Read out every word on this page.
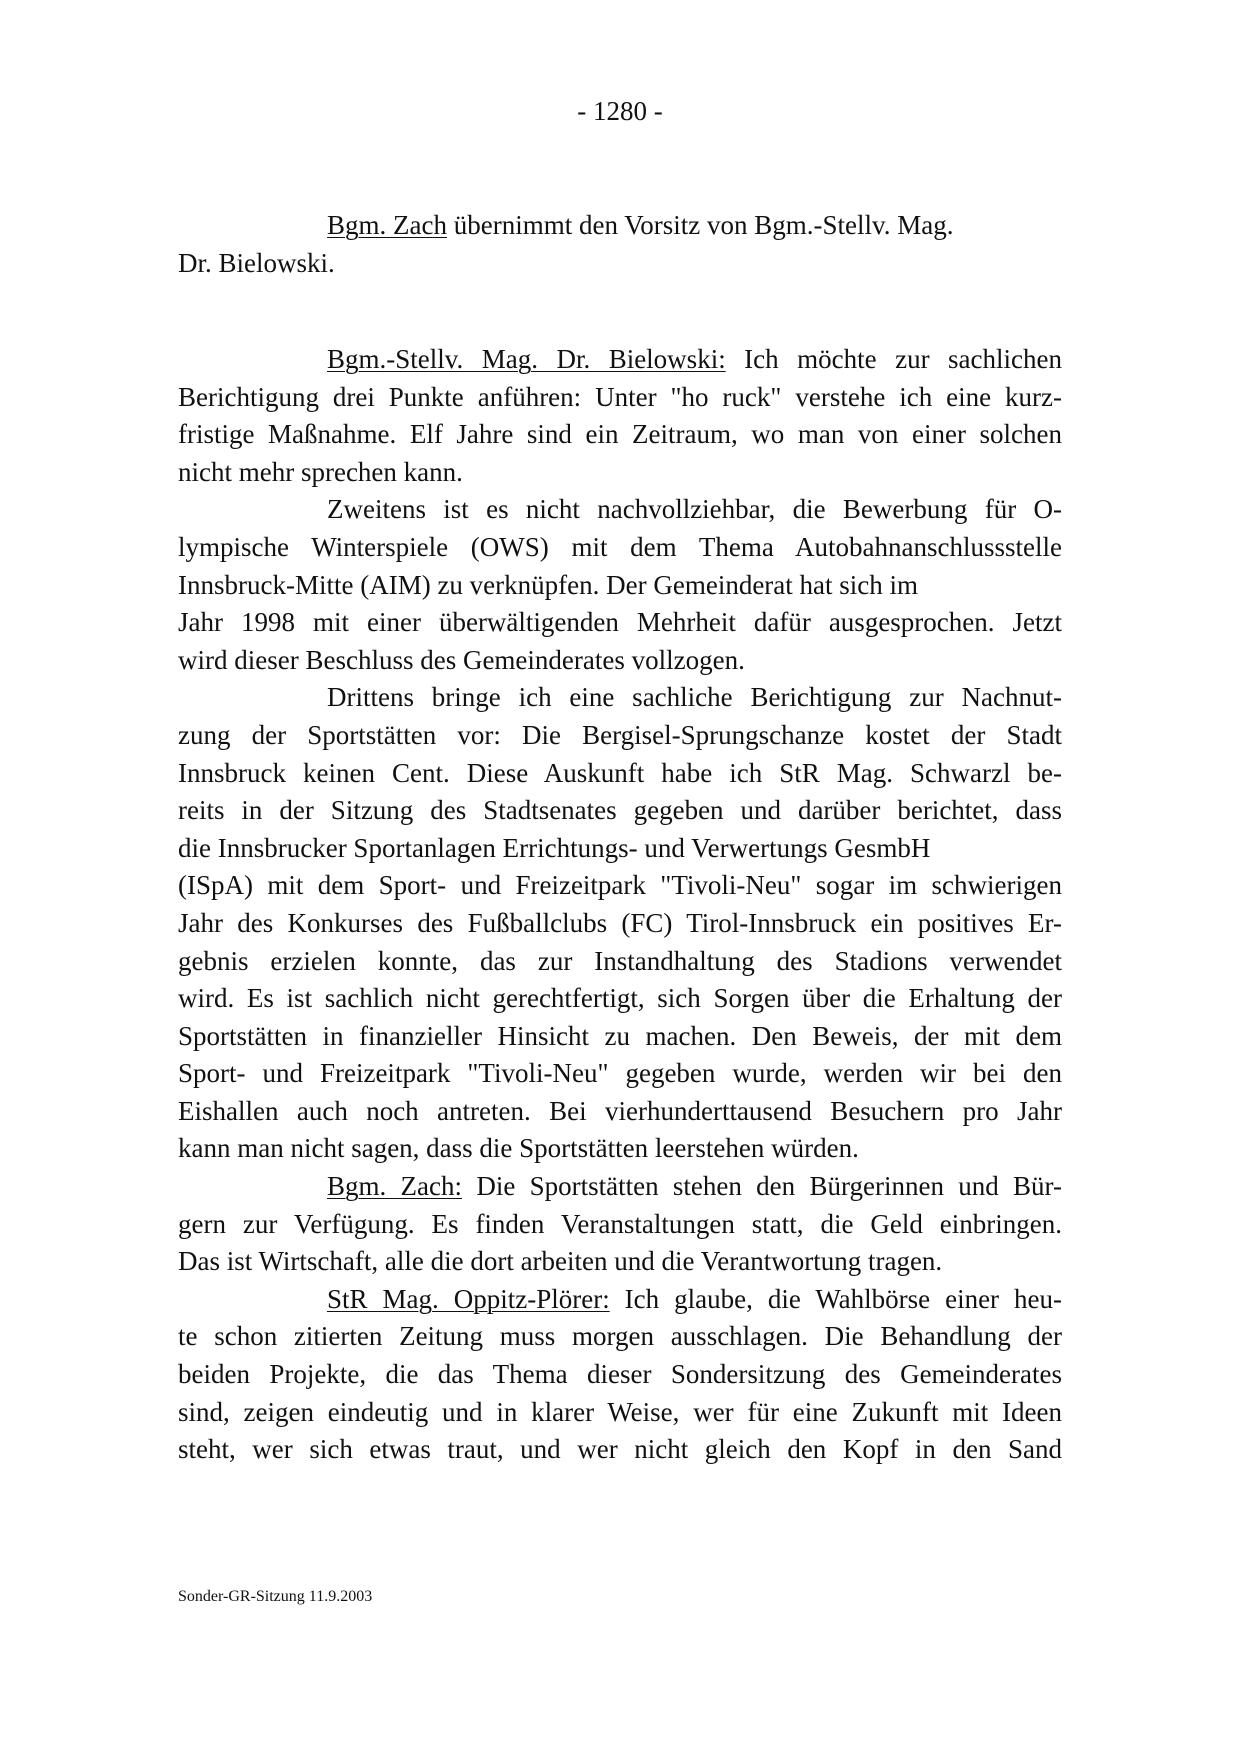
- 1280 -
Bgm. Zach übernimmt den Vorsitz von Bgm.-Stellv. Mag.
Dr. Bielowski.
Bgm.-Stellv. Mag. Dr. Bielowski: Ich möchte zur sachlichen
Berichtigung drei Punkte anführen: Unter "ho ruck" verstehe ich eine kurz-
fristige Maßnahme. Elf Jahre sind ein Zeitraum, wo man von einer solchen
nicht mehr sprechen kann.
Zweitens ist es nicht nachvollziehbar, die Bewerbung für O-
lympische Winterspiele (OWS) mit dem Thema Autobahnanschlussstelle
Innsbruck-Mitte (AIM) zu verknüpfen. Der Gemeinderat hat sich im
Jahr 1998 mit einer überwältigenden Mehrheit dafür ausgesprochen. Jetzt
wird dieser Beschluss des Gemeinderates vollzogen.
Drittens bringe ich eine sachliche Berichtigung zur Nachnut-
zung der Sportstätten vor: Die Bergisel-Sprungschanze kostet der Stadt
Innsbruck keinen Cent. Diese Auskunft habe ich StR Mag. Schwarzl be-
reits in der Sitzung des Stadtsenates gegeben und darüber berichtet, dass
die Innsbrucker Sportanlagen Errichtungs- und Verwertungs GesmbH
(ISpA) mit dem Sport- und Freizeitpark "Tivoli-Neu" sogar im schwierigen
Jahr des Konkurses des Fußballclubs (FC) Tirol-Innsbruck ein positives Er-
gebnis erzielen konnte, das zur Instandhaltung des Stadions verwendet
wird. Es ist sachlich nicht gerechtfertigt, sich Sorgen über die Erhaltung der
Sportstätten in finanzieller Hinsicht zu machen. Den Beweis, der mit dem
Sport- und Freizeitpark "Tivoli-Neu" gegeben wurde, werden wir bei den
Eishallen auch noch antreten. Bei vierhunderttausend Besuchern pro Jahr
kann man nicht sagen, dass die Sportstätten leerstehen würden.
Bgm. Zach: Die Sportstätten stehen den Bürgerinnen und Bür-
gern zur Verfügung. Es finden Veranstaltungen statt, die Geld einbringen.
Das ist Wirtschaft, alle die dort arbeiten und die Verantwortung tragen.
StR Mag. Oppitz-Plörer: Ich glaube, die Wahlbörse einer heu-
te schon zitierten Zeitung muss morgen ausschlagen. Die Behandlung der
beiden Projekte, die das Thema dieser Sondersitzung des Gemeinderates
sind, zeigen eindeutig und in klarer Weise, wer für eine Zukunft mit Ideen
steht, wer sich etwas traut, und wer nicht gleich den Kopf in den Sand
Sonder-GR-Sitzung 11.9.2003
